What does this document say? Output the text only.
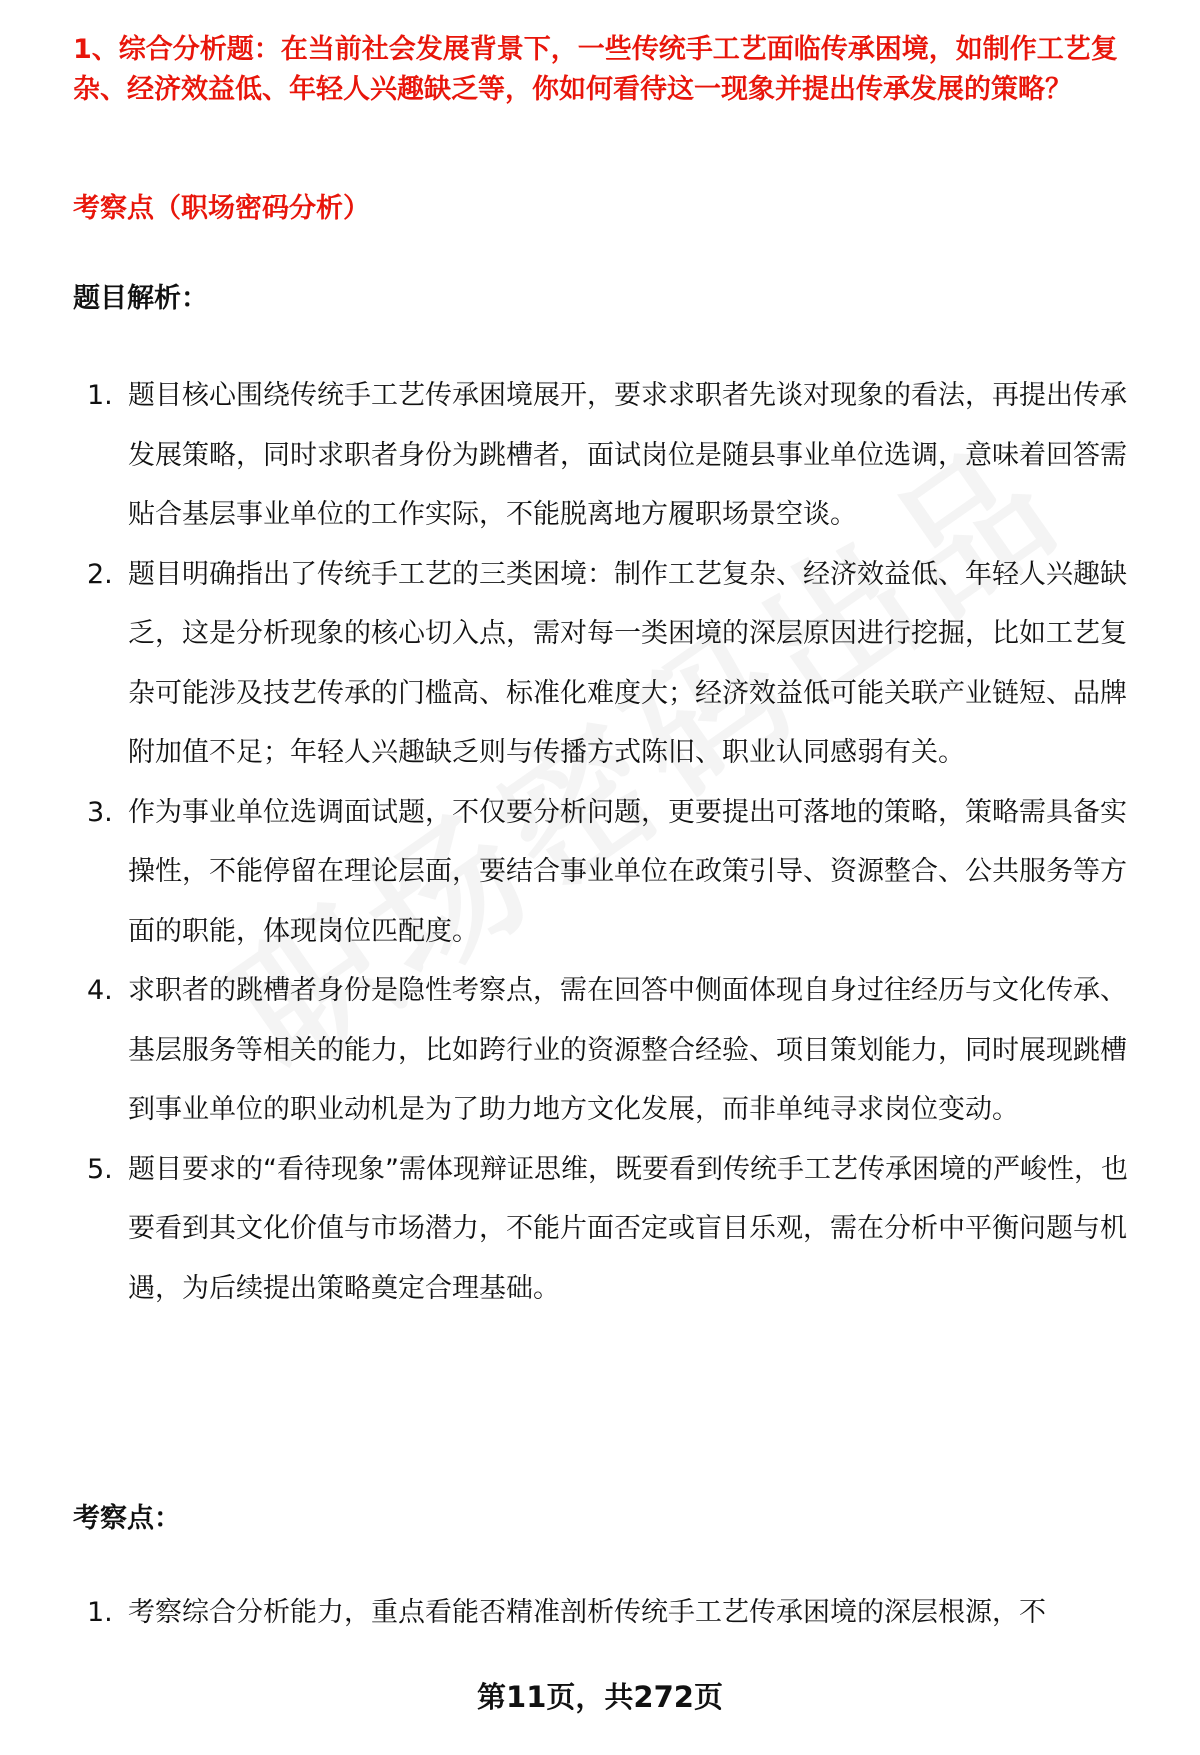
1、综合分析题：在当前社会发展背景下，一些传统手工艺面临传承困境，如制作工艺复杂、经济效益低、年轻人兴趣缺乏等，你如何看待这一现象并提出传承发展的策略？

考察点（职场密码分析）

题目解析：

1. 题目核心围绕传统手工艺传承困境展开，要求求职者先谈对现象的看法，再提出传承发展策略，同时求职者身份为跳槽者，面试岗位是随县事业单位选调，意味着回答需贴合基层事业单位的工作实际，不能脱离地方履职场景空谈。
2. 题目明确指出了传统手工艺的三类困境：制作工艺复杂、经济效益低、年轻人兴趣缺乏，这是分析现象的核心切入点，需对每一类困境的深层原因进行挖掘，比如工艺复杂可能涉及技艺传承的门槛高、标准化难度大；经济效益低可能关联产业链短、品牌附加值不足；年轻人兴趣缺乏则与传播方式陈旧、职业认同感弱有关。
3. 作为事业单位选调面试题，不仅要分析问题，更要提出可落地的策略，策略需具备实操性，不能停留在理论层面，要结合事业单位在政策引导、资源整合、公共服务等方面的职能，体现岗位匹配度。
4. 求职者的跳槽者身份是隐性考察点，需在回答中侧面体现自身过往经历与文化传承、基层服务等相关的能力，比如跨行业的资源整合经验、项目策划能力，同时展现跳槽到事业单位的职业动机是为了助力地方文化发展，而非单纯寻求岗位变动。
5. 题目要求的“看待现象”需体现辩证思维，既要看到传统手工艺传承困境的严峻性，也要看到其文化价值与市场潜力，不能片面否定或盲目乐观，需在分析中平衡问题与机遇，为后续提出策略奠定合理基础。

考察点：

1. 考察综合分析能力，重点看能否精准剖析传统手工艺传承困境的深层根源，不

第11页，共272页
